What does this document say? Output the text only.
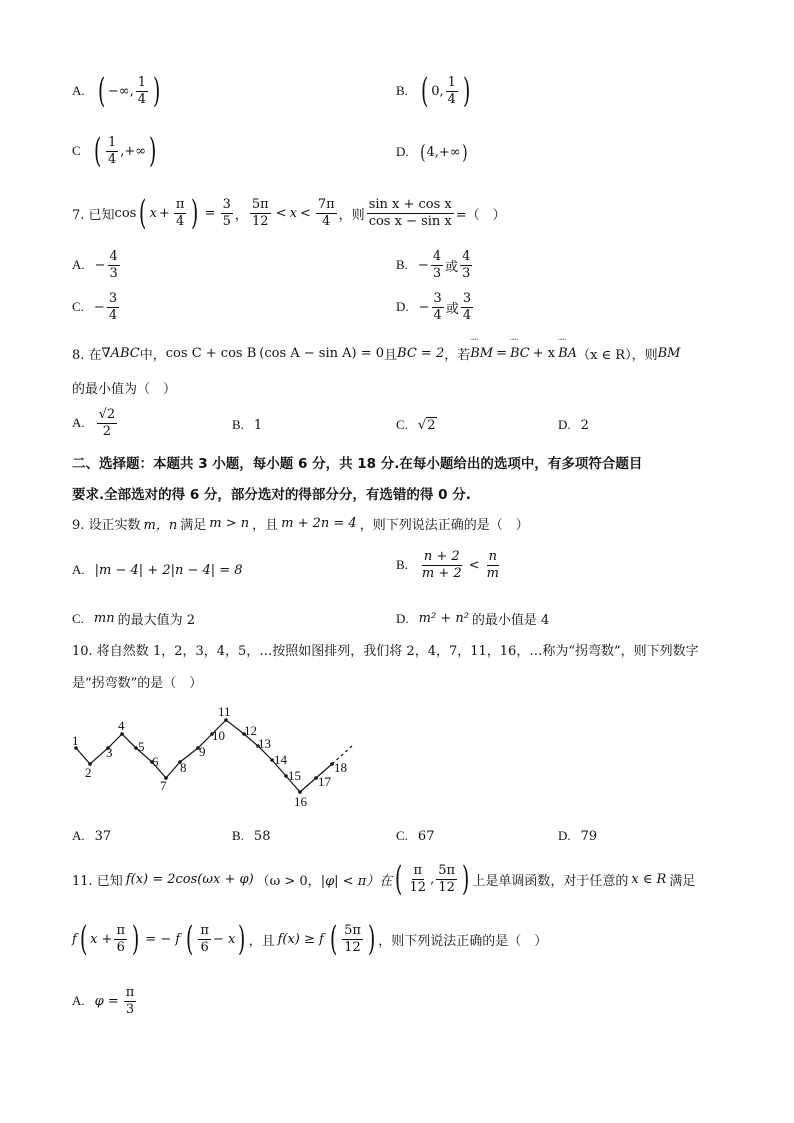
A. ( −∞, $\frac{1}{4}$ )	B. ( 0, $\frac{1}{4}$ )
C ( $\frac{1}{4}$ ,+∞ )	D. ( 4,+∞ )
7. 已知 cos ( $x + \frac{\pi}{4}$ ) = $\frac{3}{5}$ ， $\frac{5\pi}{12} < x < \frac{7\pi}{4}$ ，则 $\frac{\text{sin x + cos x}}{\text{cos x − sin x}}$ =（　）
A. − $\frac{4}{3}$	B. − $\frac{4}{3}$ 或 $\frac{4}{3}$
C. − $\frac{3}{4}$	D. − $\frac{3}{4}$ 或 $\frac{3}{4}$
8. 在 ∇ ABC 中， cos C + cos B (cos A − sin A) = 0 且 BC = 2 ，若 ᵕᵕᵕ BM = ᵕᵕᵕ BC + x ᵕᵕᵕ BA （x ∈ R），则 BM
的最小值为（　）
A. $\frac{√2}{2}$	B. 1	C. √ 2	D. 2
二、选择题：本题共 3 小题，每小题 6 分，共 18 分.在每小题给出的选项中，有多项符合题目
要求.全部选对的得 6 分，部分选对的得部分分，有选错的得 0 分.
9. 设正实数 m，n 满足 m > n ，且 m + 2n = 4 ，则下列说法正确的是（　）
A. |m − 4| + 2|n − 4| = 8	B. $\frac{n + 2}{m + 2} < \frac{n}{m}$
C. mn 的最大值为 2	D. m² + n² 的最小值是 4
10. 将自然数 1，2，3，4，5，…按照如图排列，我们将 2，4，7，11，16，…称为“拐弯数”，则下列数字
是“拐弯数”的是（　）
1
2
3
4
5
6
7
8
9
10
11
12
13
14
15
16
17
18
A. 37	B. 58	C. 67	D. 79
11. 已知 f(x) = 2cos(ωx + φ) （ω > 0， |φ| < π）在 ( $\frac{\pi}{12}$ , $\frac{5\pi}{12}$ ) 上是单调函数，对于任意的 x ∈ R 满足
f ( $x + \frac{\pi}{6}$ ) = − f ( $\frac{\pi}{6} - x$ ) ，且 f(x) ≥ f ( $\frac{5\pi}{12}$ ) ，则下列说法正确的是（　）
A. $\varphi = \frac{\pi}{3}$
